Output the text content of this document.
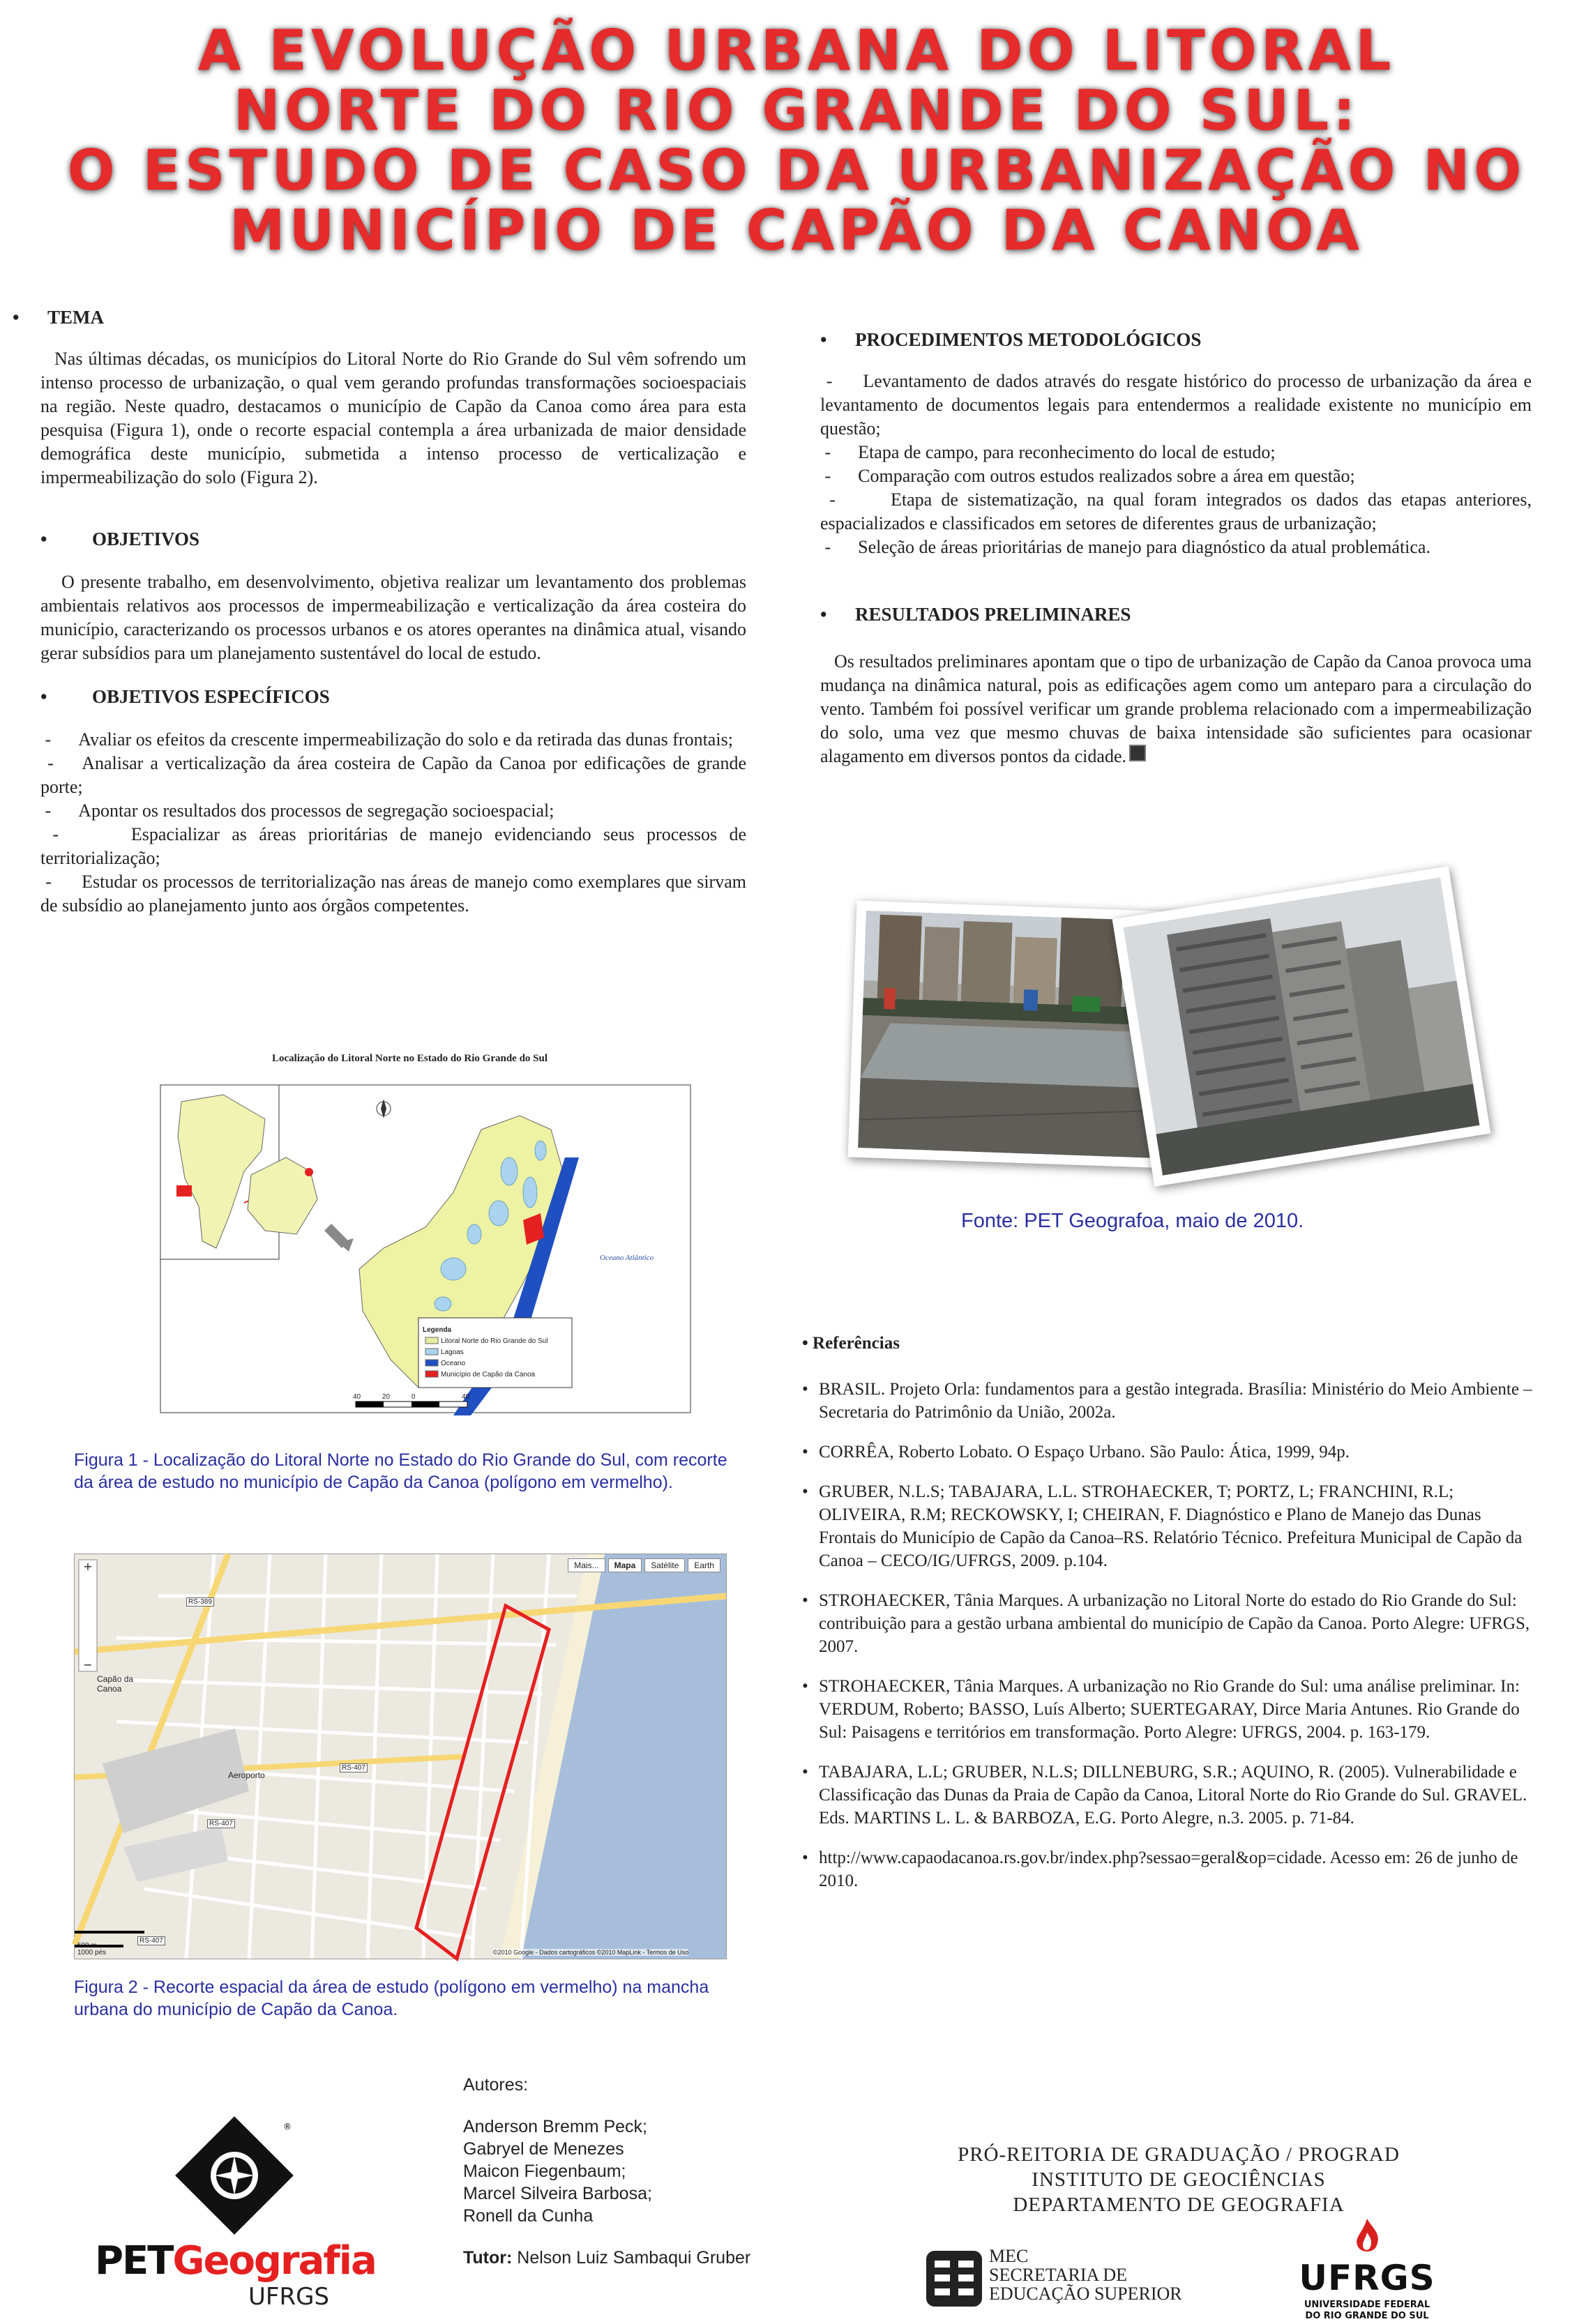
A EVOLUÇÃO URBANA DO LITORAL
NORTE DO RIO GRANDE DO SUL:
O ESTUDO DE CASO DA URBANIZAÇÃO NO
MUNICÍPIO DE CAPÃO DA CANOA
• TEMA

Nas últimas décadas, os municípios do Litoral Norte do Rio Grande do Sul vêm sofrendo um intenso processo de urbanização, o qual vem gerando profundas transformações socioespaciais na região. Neste quadro, destacamos o município de Capão da Canoa como área para esta pesquisa (Figura 1), onde o recorte espacial contempla a área urbanizada de maior densidade demográfica deste município, submetida a intenso processo de verticalização e impermeabilização do solo (Figura 2).

• OBJETIVOS

O presente trabalho, em desenvolvimento, objetiva realizar um levantamento dos problemas ambientais relativos aos processos de impermeabilização e verticalização da área costeira do município, caracterizando os processos urbanos e os atores operantes na dinâmica atual, visando gerar subsídios para um planejamento sustentável do local de estudo.

• OBJETIVOS ESPECÍFICOS

-      Avaliar os efeitos da crescente impermeabilização do solo e da retirada das dunas frontais;

-    Analisar a verticalização da área costeira de Capão da Canoa por edificações de grande porte;

-      Apontar os resultados dos processos de segregação socioespacial;

-      Espacializar as áreas prioritárias de manejo evidenciando seus processos de territorialização;

-      Estudar os processos de territorialização nas áreas de manejo como exemplares que sirvam de subsídio ao planejamento junto aos órgãos competentes.

• PROCEDIMENTOS METODOLÓGICOS

-     Levantamento de dados através do resgate histórico do processo de urbanização da área e levantamento de documentos legais para entendermos a realidade existente no município em questão;

-      Etapa de campo, para reconhecimento do local de estudo;

-      Comparação com outros estudos realizados sobre a área em questão;

-      Etapa de sistematização, na qual foram integrados os dados das etapas anteriores, espacializados e classificados em setores de diferentes graus de urbanização;

-      Seleção de áreas prioritárias de manejo para diagnóstico da atual problemática.

• RESULTADOS PRELIMINARES

Os resultados preliminares apontam que o tipo de urbanização de Capão da Canoa provoca uma mudança na dinâmica natural, pois as edificações agem como um anteparo para a circulação do vento. Também foi possível verificar um grande problema relacionado com a impermeabilização do solo, uma vez que mesmo chuvas de baixa intensidade são suficientes para ocasionar alagamento em diversos pontos da cidade.

Fonte: PET Geografoa, maio de 2010.
Localização do Litoral Norte no Estado do Rio Grande do Sul
Oceano Atlântico
Legenda
Litoral Norte do Rio Grande do Sul
Lagoas
Oceano
Município de Capão da Canoa
40	20	0	40
Figura 1 - Localização do Litoral Norte no Estado do Rio Grande do Sul, com recorte da área de estudo no município de Capão da Canoa (polígono em vermelho).
Mais...	Mapa	Satélite	Earth
+
−
Capão da Canoa
Aeroporto
RS-389
RS-407
RS-407
RS-407
500 m
1000 pés	©2010 Google - Dados cartográficos ©2010 MapLink - Termos de Uso
Figura 2 - Recorte espacial da área de estudo (polígono em vermelho) na mancha urbana do município de Capão da Canoa.
• Referências

• BRASIL. Projeto Orla: fundamentos para a gestão integrada. Brasília: Ministério do Meio Ambiente – Secretaria do Patrimônio da União, 2002a.

• CORRÊA, Roberto Lobato. O Espaço Urbano. São Paulo: Ática, 1999, 94p.

• GRUBER, N.L.S; TABAJARA, L.L. STROHAECKER, T; PORTZ, L; FRANCHINI, R.L; OLIVEIRA, R.M; RECKOWSKY, I; CHEIRAN, F. Diagnóstico e Plano de Manejo das Dunas Frontais do Município de Capão da Canoa–RS. Relatório Técnico. Prefeitura Municipal de Capão da Canoa – CECO/IG/UFRGS, 2009. p.104.

• STROHAECKER, Tânia Marques. A urbanização no Litoral Norte do estado do Rio Grande do Sul: contribuição para a gestão urbana ambiental do município de Capão da Canoa. Porto Alegre: UFRGS, 2007.

• STROHAECKER, Tânia Marques. A urbanização no Rio Grande do Sul: uma análise preliminar. In: VERDUM, Roberto; BASSO, Luís Alberto; SUERTEGARAY, Dirce Maria Antunes. Rio Grande do Sul: Paisagens e territórios em transformação. Porto Alegre: UFRGS, 2004. p. 163-179.

• TABAJARA, L.L; GRUBER, N.L.S; DILLNEBURG, S.R.; AQUINO, R. (2005). Vulnerabilidade e Classificação das Dunas da Praia de Capão da Canoa, Litoral Norte do Rio Grande do Sul. GRAVEL. Eds. MARTINS L. L. & BARBOZA, E.G. Porto Alegre, n.3. 2005. p. 71-84.

• http://www.capaodacanoa.rs.gov.br/index.php?sessao=geral&op=cidade. Acesso em: 26 de junho de 2010.

®
PETGeografia
UFRGS
Autores:
Anderson Bremm Peck;
Gabryel de Menezes
Maicon Fiegenbaum;
Marcel Silveira Barbosa;
Ronell da Cunha
Tutor: Nelson Luiz Sambaqui Gruber
PRÓ-REITORIA DE GRADUAÇÃO / PROGRAD
INSTITUTO DE GEOCIÊNCIAS
DEPARTAMENTO DE GEOGRAFIA
MEC
SECRETARIA DE
EDUCAÇÃO SUPERIOR	UFRGS
UNIVERSIDADE FEDERAL
DO RIO GRANDE DO SUL
